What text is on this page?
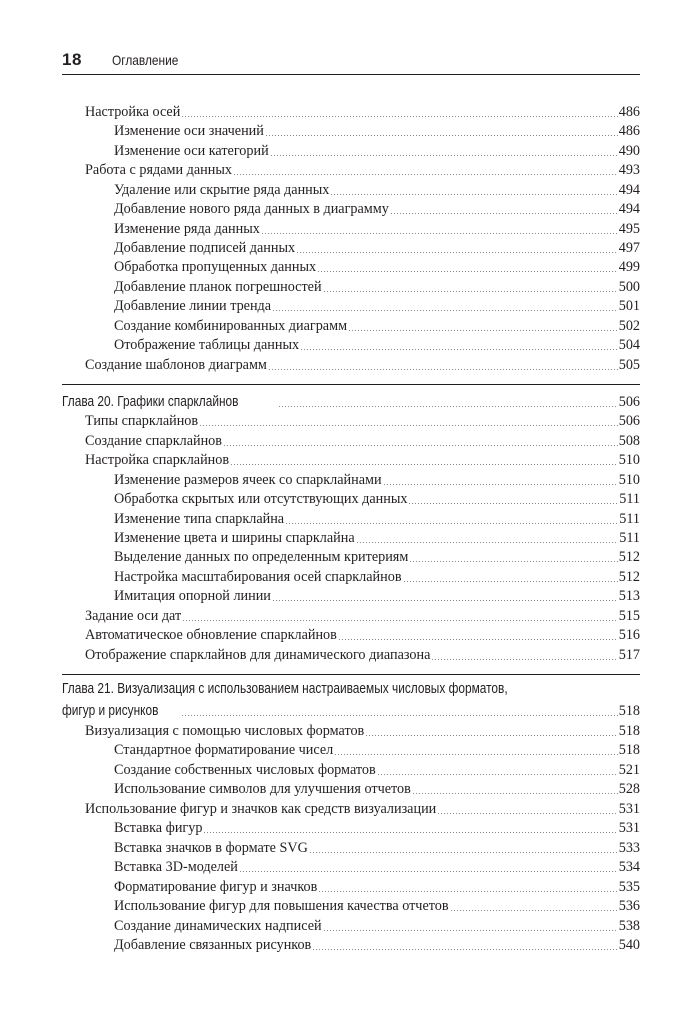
18 Оглавление
Настройка осей	486
Изменение оси значений	486
Изменение оси категорий	490
Работа с рядами данных	493
Удаление или скрытие ряда данных	494
Добавление нового ряда данных в диаграмму	494
Изменение ряда данных	495
Добавление подписей данных	497
Обработка пропущенных данных	499
Добавление планок погрешностей	500
Добавление линии тренда	501
Создание комбинированных диаграмм	502
Отображение таблицы данных	504
Создание шаблонов диаграмм	505
Глава 20. Графики спарклайнов	506
Типы спарклайнов	506
Создание спарклайнов	508
Настройка спарклайнов	510
Изменение размеров ячеек со спарклайнами	510
Обработка скрытых или отсутствующих данных	511
Изменение типа спарклайна	511
Изменение цвета и ширины спарклайна	511
Выделение данных по определенным критериям	512
Настройка масштабирования осей спарклайнов	512
Имитация опорной линии	513
Задание оси дат	515
Автоматическое обновление спарклайнов	516
Отображение спарклайнов для динамического диапазона	517
Глава 21. Визуализация с использованием настраиваемых числовых форматов,
фигур и рисунков	518
Визуализация с помощью числовых форматов	518
Стандартное форматирование чисел	518
Создание собственных числовых форматов	521
Использование символов для улучшения отчетов	528
Использование фигур и значков как средств визуализации	531
Вставка фигур	531
Вставка значков в формате SVG	533
Вставка 3D-моделей	534
Форматирование фигур и значков	535
Использование фигур для повышения качества отчетов	536
Создание динамических надписей	538
Добавление связанных рисунков	540
